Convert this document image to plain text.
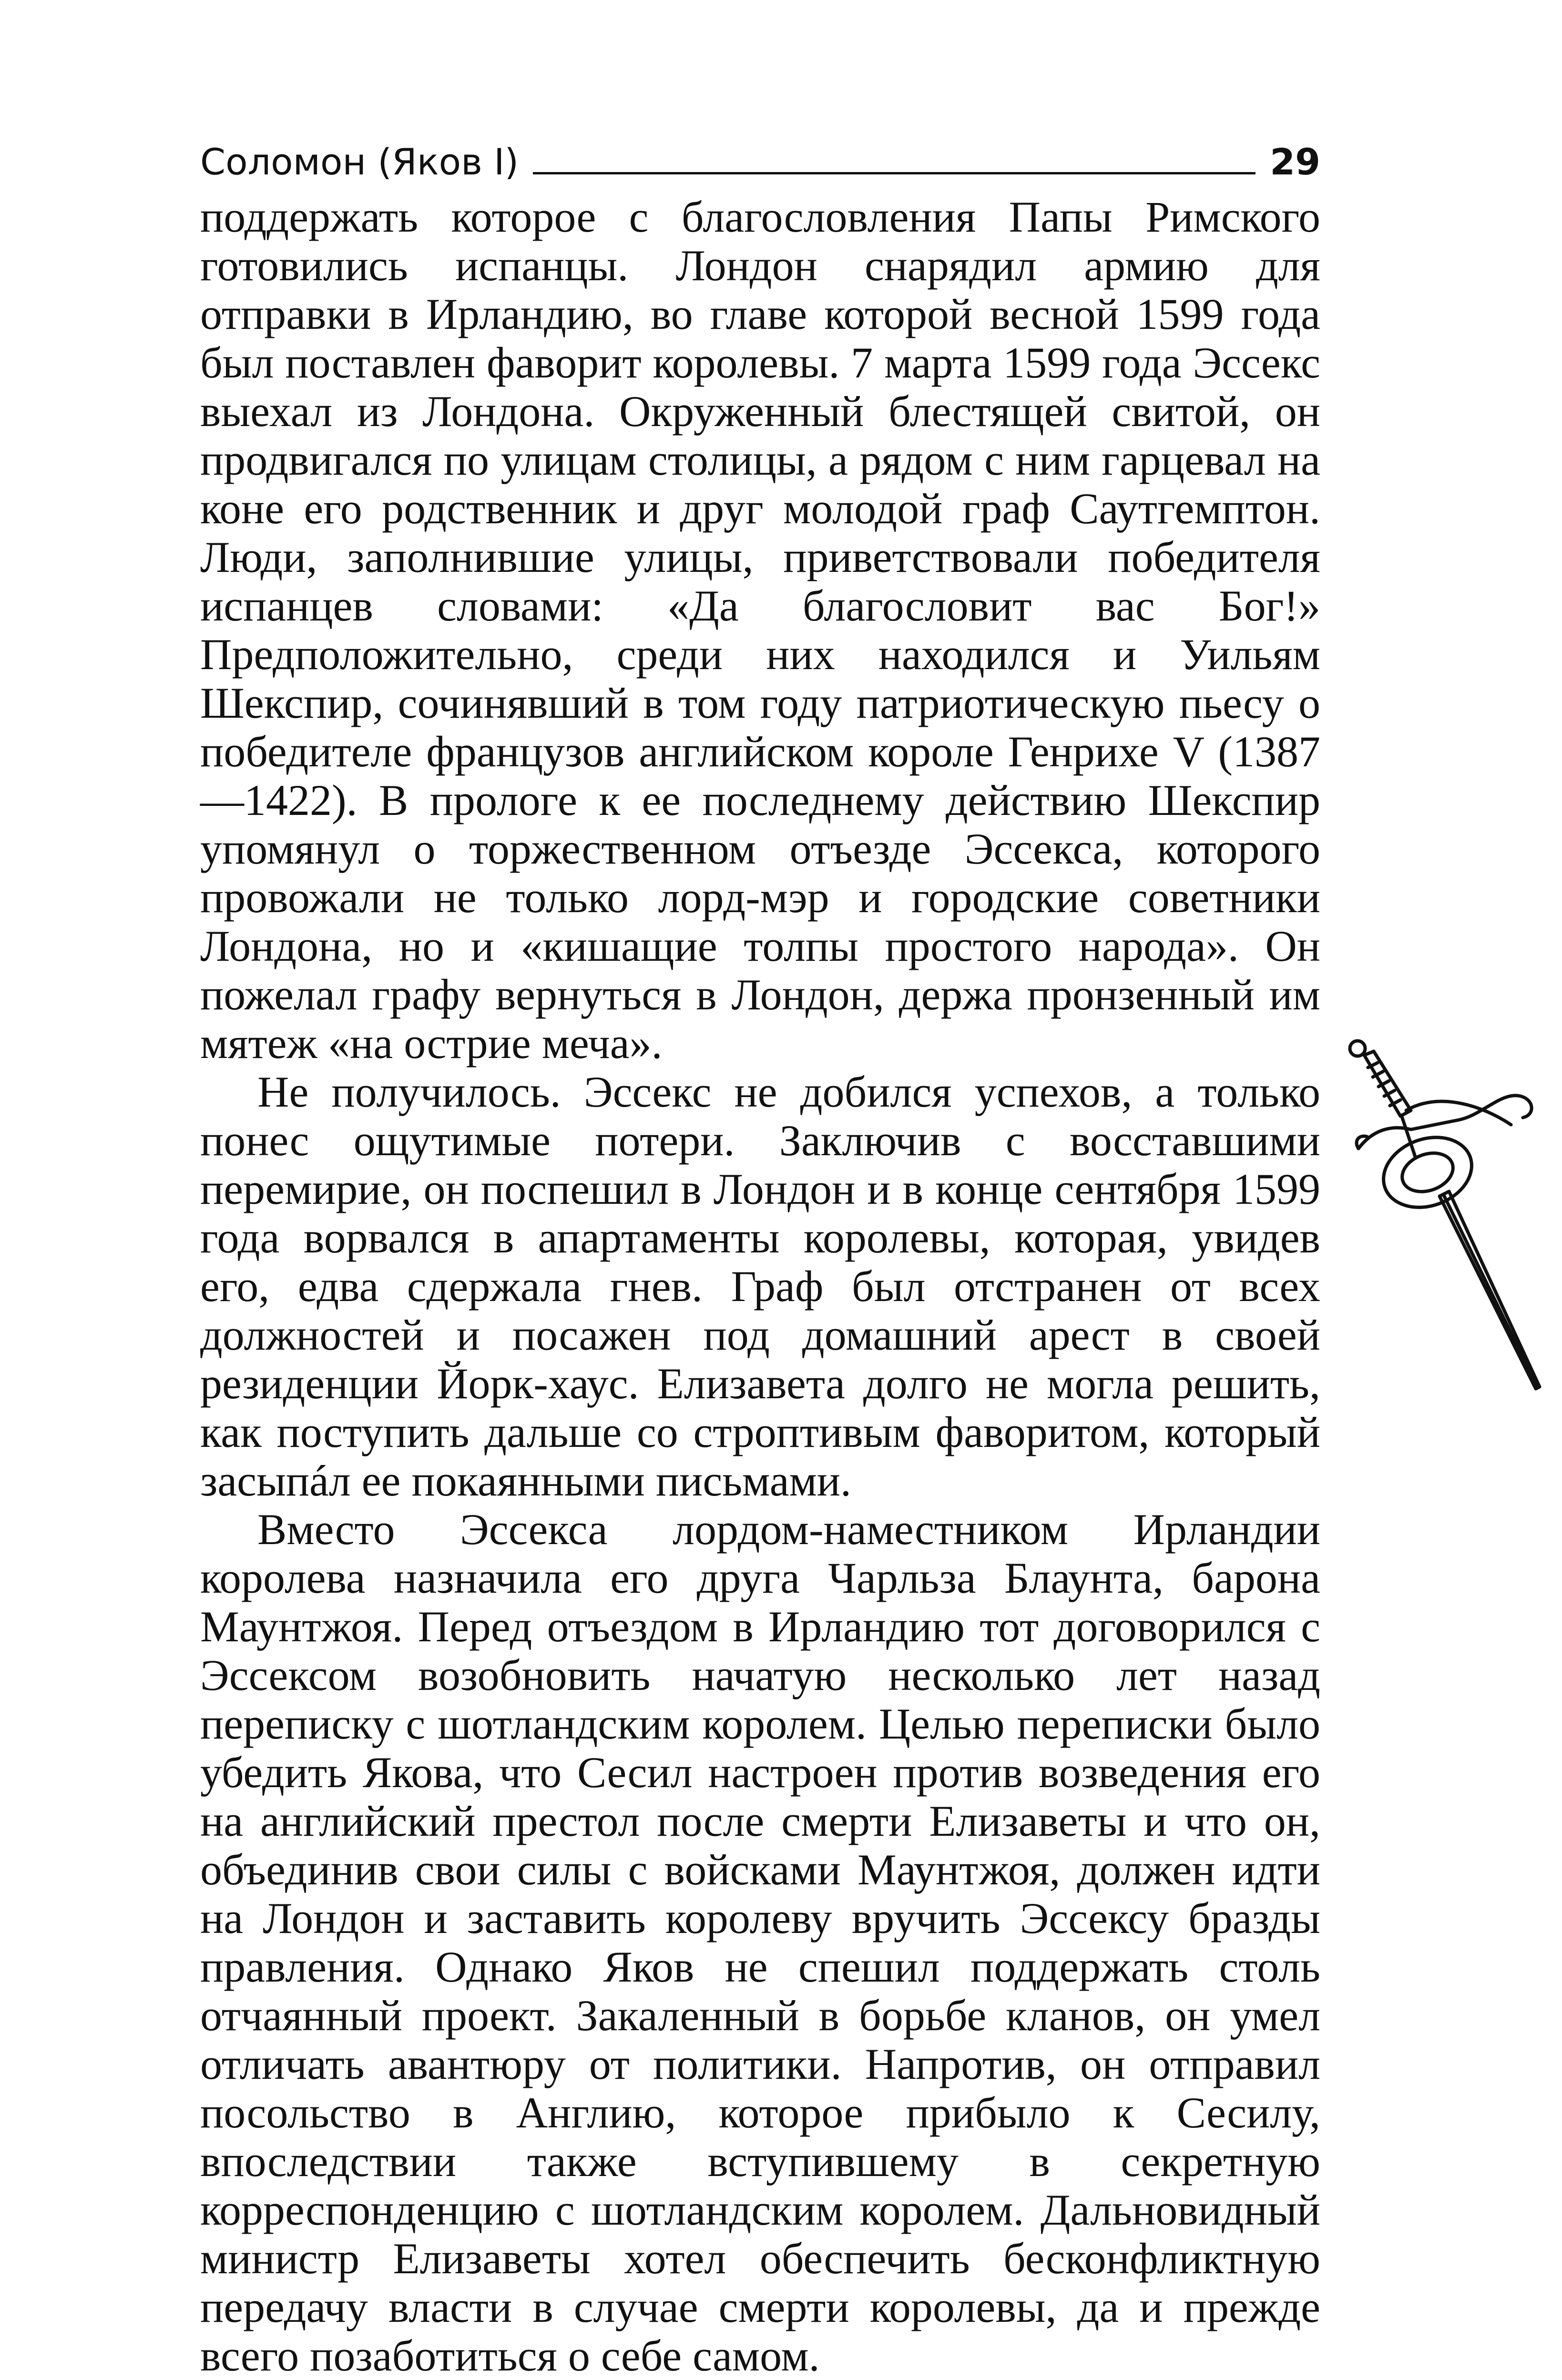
Соломон (Яков I)	29

поддержать которое с благословления Папы Римского готовились испанцы. Лондон снарядил армию для отправки в Ирландию, во главе которой весной 1599 года был поставлен фаворит королевы. 7 марта 1599 года Эссекс выехал из Лондона. Окруженный блестящей свитой, он продвигался по улицам столицы, а рядом с ним гарцевал на коне его родственник и друг молодой граф Саутгемптон. Люди, заполнившие улицы, приветствовали победителя испанцев словами: «Да благословит вас Бог!» Предположительно, среди них находился и Уильям Шекспир, сочинявший в том году патриотическую пьесу о победителе французов английском короле Генрихе V (1387—1422). В прологе к ее последнему действию Шекспир упомянул о торжественном отъезде Эссекса, которого провожали не только лорд-мэр и городские советники Лондона, но и «кишащие толпы простого народа». Он пожелал графу вернуться в Лондон, держа пронзенный им мятеж «на острие меча».

Не получилось. Эссекс не добился успехов, а только понес ощутимые потери. Заключив с восставшими перемирие, он поспешил в Лондон и в конце сентября 1599 года ворвался в апартаменты королевы, которая, увидев его, едва сдержала гнев. Граф был отстранен от всех должностей и посажен под домашний арест в своей резиденции Йорк-хаус. Елизавета долго не могла решить, как поступить дальше со строптивым фаворитом, который засыпáл ее покаянными письмами.

Вместо Эссекса лордом-наместником Ирландии королева назначила его друга Чарльза Блаунта, барона Маунтжоя. Перед отъездом в Ирландию тот договорился с Эссексом возобновить начатую несколько лет назад переписку с шотландским королем. Целью переписки было убедить Якова, что Сесил настроен против возведения его на английский престол после смерти Елизаветы и что он, объединив свои силы с войсками Маунтжоя, должен идти на Лондон и заставить королеву вручить Эссексу бразды правления. Однако Яков не спешил поддержать столь отчаянный проект. Закаленный в борьбе кланов, он умел отличать авантюру от политики. Напротив, он отправил посольство в Англию, которое прибыло к Сесилу, впоследствии также вступившему в секретную корреспонденцию с шотландским королем. Дальновидный министр Елизаветы хотел обеспечить бесконфликтную передачу власти в случае смерти королевы, да и прежде всего позаботиться о себе самом.
